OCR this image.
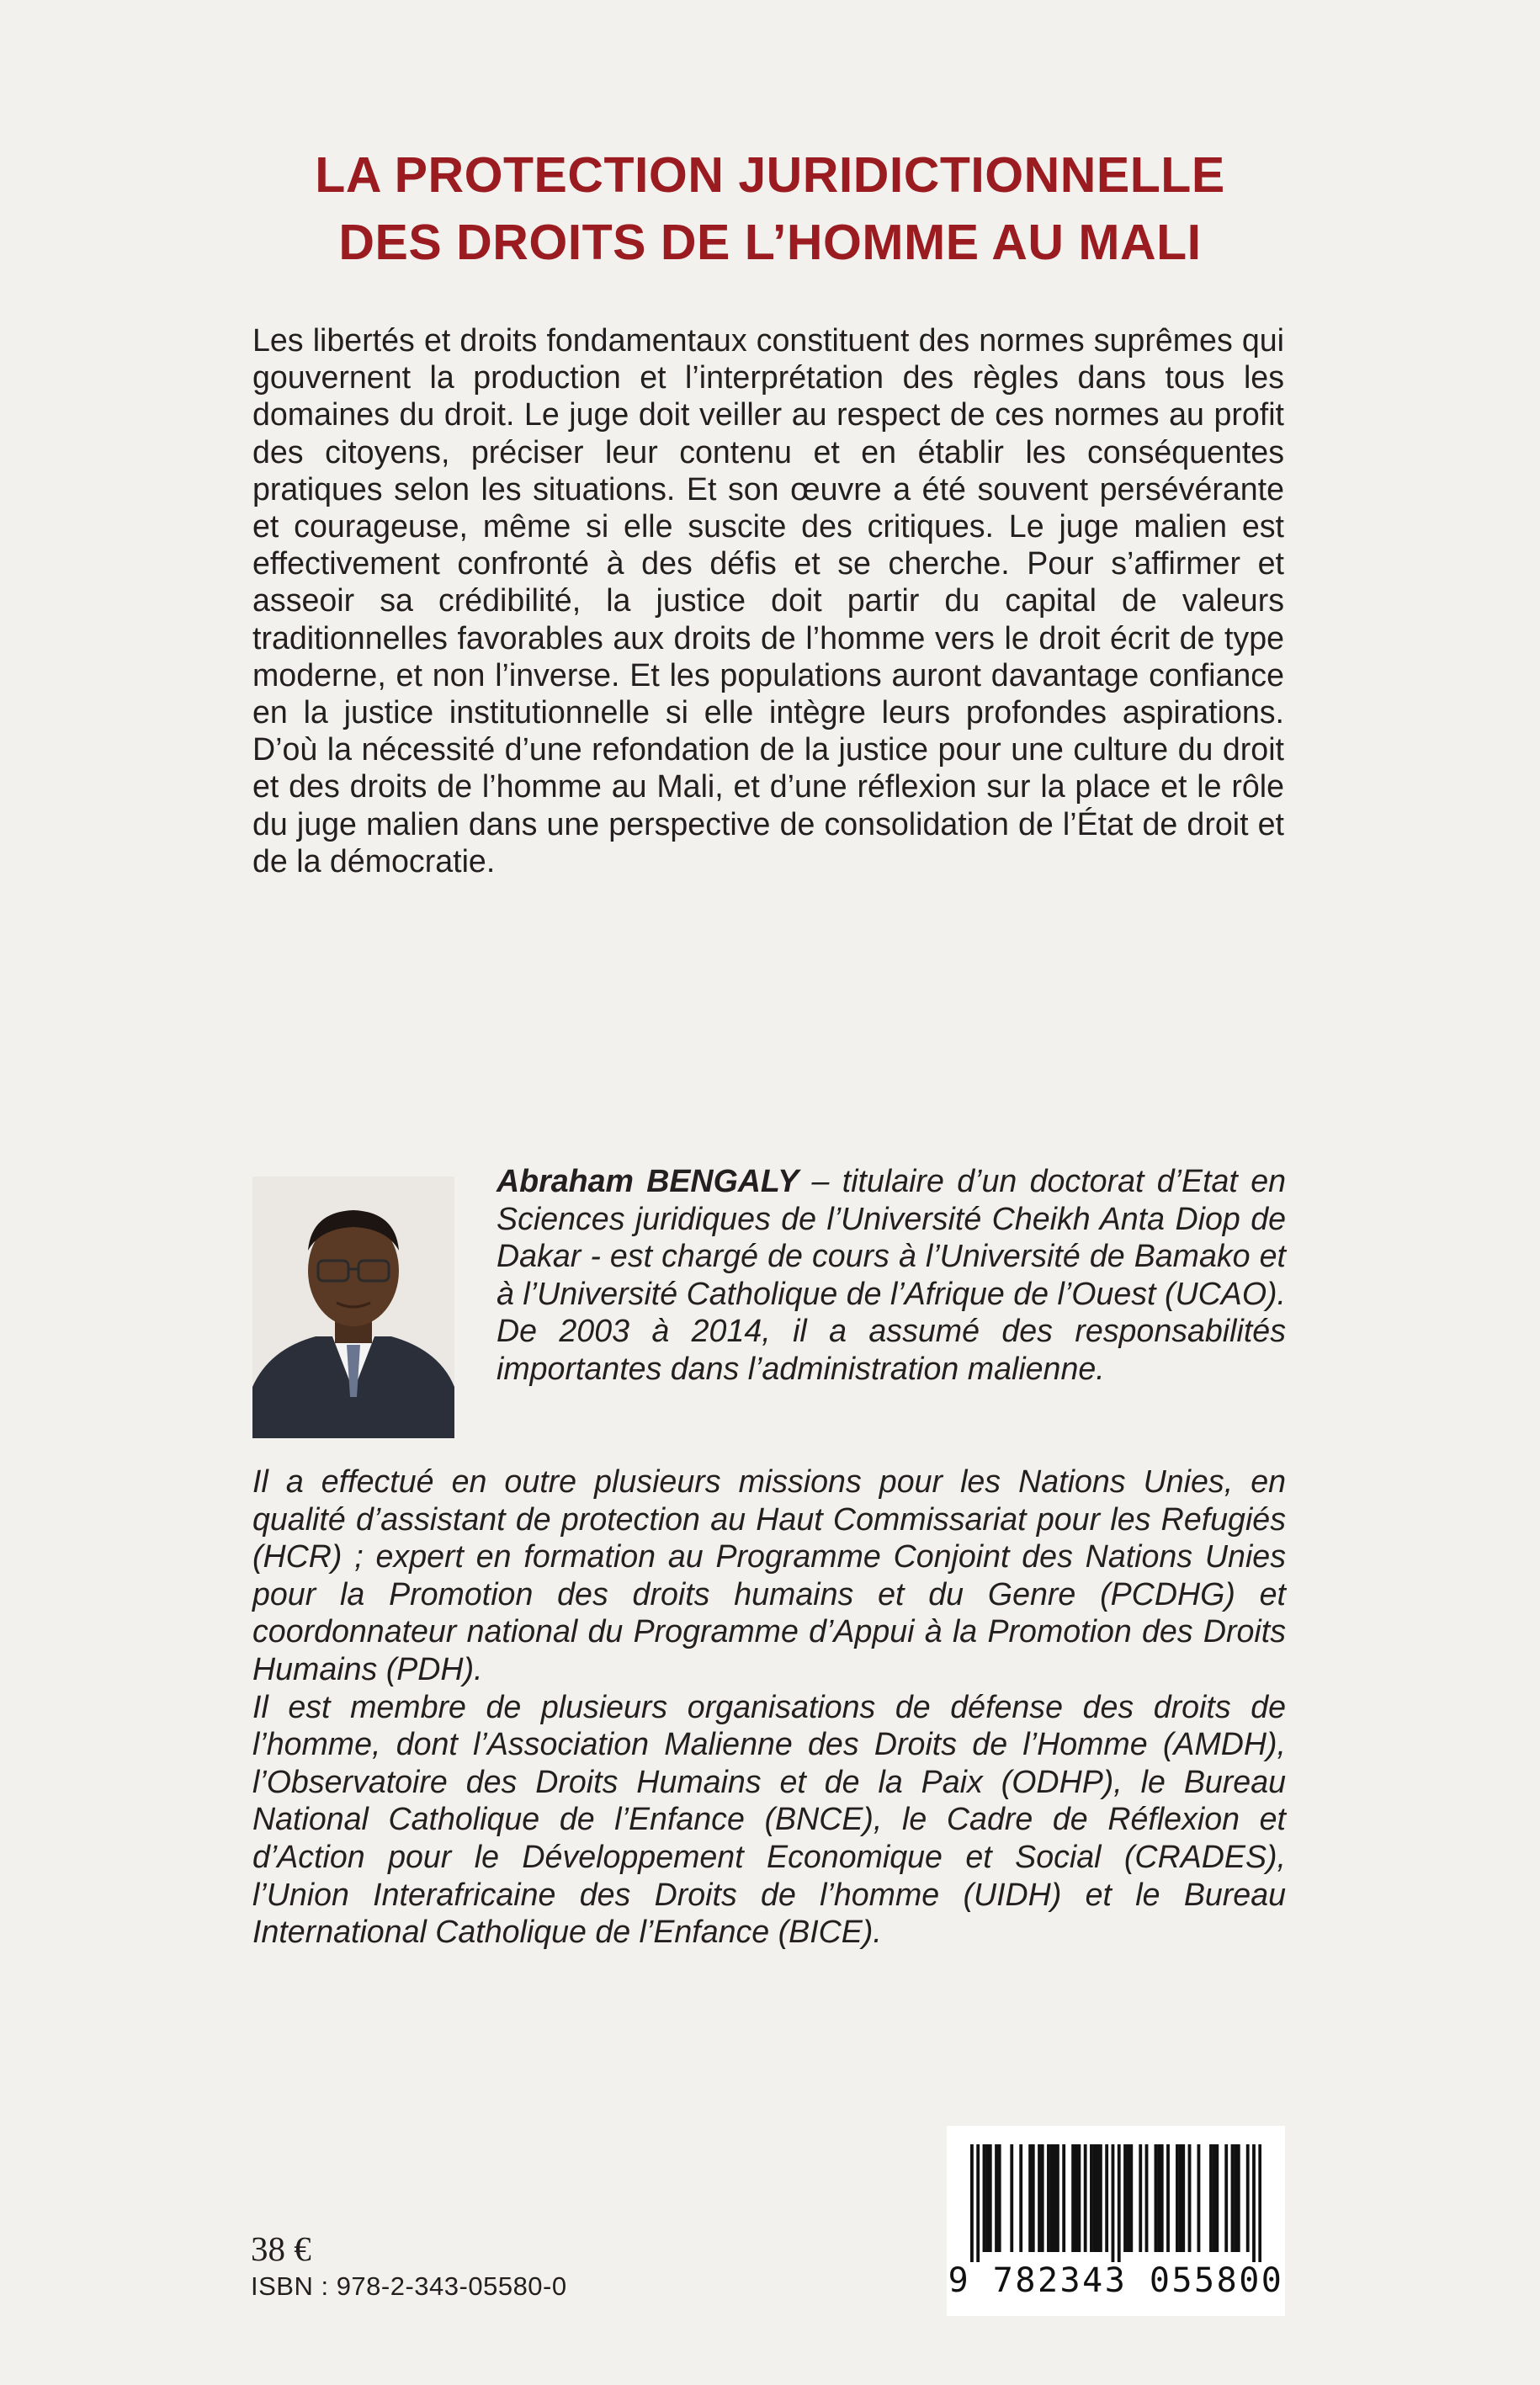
LA PROTECTION JURIDICTIONNELLE
DES DROITS DE L’HOMME AU MALI

Les libertés et droits fondamentaux constituent des normes suprêmes qui gouvernent la production et l’interprétation des règles dans tous les domaines du droit. Le juge doit veiller au respect de ces normes au profit des citoyens, préciser leur contenu et en établir les conséquentes pratiques selon les situations. Et son œuvre a été souvent persévérante et courageuse, même si elle suscite des critiques. Le juge malien est effectivement confronté à des défis et se cherche. Pour s’affirmer et asseoir sa crédibilité, la justice doit partir du capital de valeurs traditionnelles favorables aux droits de l’homme vers le droit écrit de type moderne, et non l’inverse. Et les populations auront davantage confiance en la justice institutionnelle si elle intègre leurs profondes aspirations. D’où la nécessité d’une refondation de la justice pour une culture du droit et des droits de l’homme au Mali, et d’une réflexion sur la place et le rôle du juge malien dans une perspective de consolidation de l’État de droit et de la démocratie.

Abraham BENGALY – titulaire d’un doctorat d’Etat en Sciences juridiques de l’Université Cheikh Anta Diop de Dakar - est chargé de cours à l’Université de Bamako et à l’Université Catholique de l’Afrique de l’Ouest (UCAO). De 2003 à 2014, il a assumé des responsabilités importantes dans l’administration malienne.

Il a effectué en outre plusieurs missions pour les Nations Unies, en qualité d’assistant de protection au Haut Commissariat pour les Refugiés (HCR) ; expert en formation au Programme Conjoint des Nations Unies pour la Promotion des droits humains et du Genre (PCDHG) et coordonnateur national du Programme d’Appui à la Promotion des Droits Humains (PDH).

Il est membre de plusieurs organisations de défense des droits de l’homme, dont l’Association Malienne des Droits de l’Homme (AMDH), l’Observatoire des Droits Humains et de la Paix (ODHP), le Bureau National Catholique de l’Enfance (BNCE), le Cadre de Réflexion et d’Action pour le Développement Economique et Social (CRADES), l’Union Interafricaine des Droits de l’homme (UIDH) et le Bureau International Catholique de l’Enfance (BICE).

38 €

ISBN : 978-2-343-05580-0	9 782343 055800
